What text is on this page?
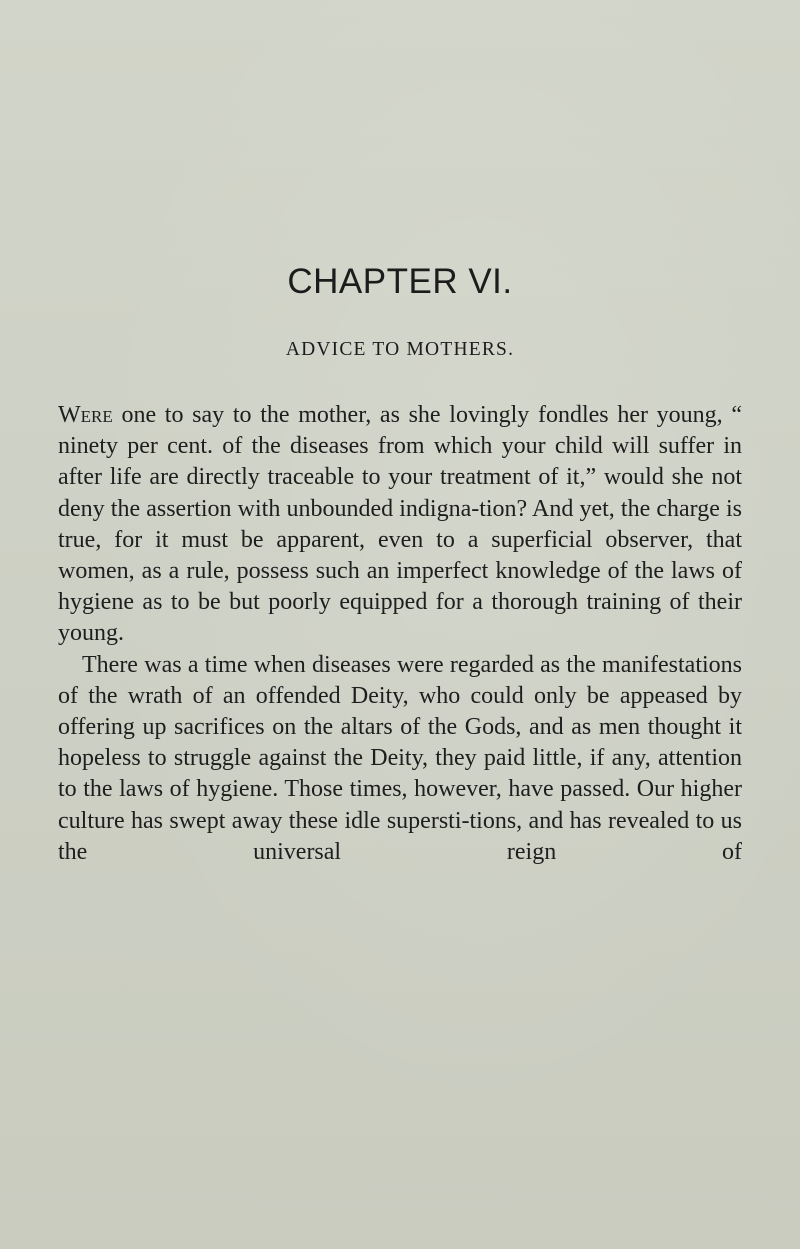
CHAPTER VI.
ADVICE TO MOTHERS.

Were one to say to the mother, as she lovingly fondles her young, “ ninety per cent. of the diseases from which your child will suffer in after life are directly traceable to your treatment of it,” would she not deny the assertion with unbounded indigna-tion? And yet, the charge is true, for it must be apparent, even to a superficial observer, that women, as a rule, possess such an imperfect knowledge of the laws of hygiene as to be but poorly equipped for a thorough training of their young.

There was a time when diseases were regarded as the manifestations of the wrath of an offended Deity, who could only be appeased by offering up sacrifices on the altars of the Gods, and as men thought it hopeless to struggle against the Deity, they paid little, if any, attention to the laws of hygiene. Those times, however, have passed. Our higher culture has swept away these idle supersti-tions, and has revealed to us the universal reign of
